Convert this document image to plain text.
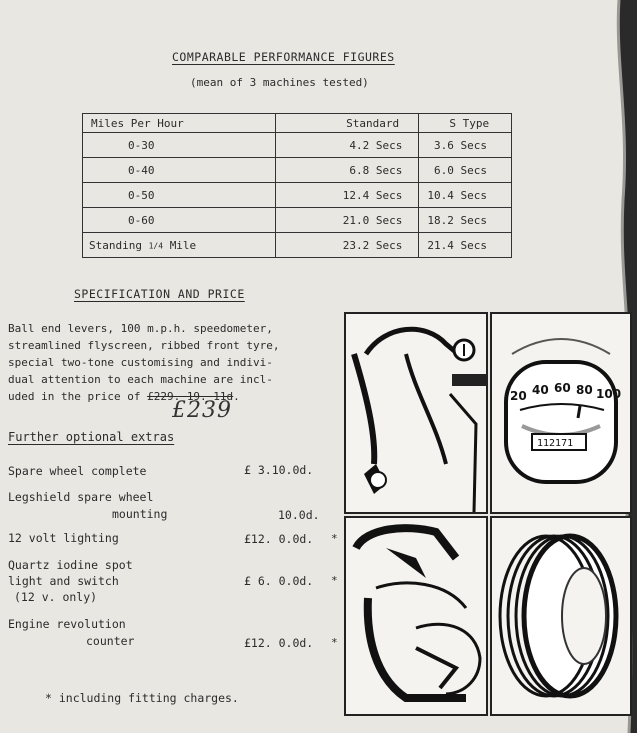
COMPARABLE PERFORMANCE FIGURES
(mean of 3 machines tested)
Miles Per Hour	Standard	S Type
0-30	4.2 Secs	3.6 Secs
0-40	6.8 Secs	6.0 Secs
0-50	12.4 Secs	10.4 Secs
0-60	21.0 Secs	18.2 Secs
Standing 1/4 Mile	23.2 Secs	21.4 Secs
SPECIFICATION AND PRICE
Ball end levers, 100 m.p.h. speedometer,
streamlined flyscreen, ribbed front tyre,
special two-tone customising and indivi-
dual attention to each machine are incl-
uded in the price of £229. 19. 11d.
£239
Further optional extras
Spare wheel complete	£ 3.10.0d.
Legshield spare wheel
mounting	10.0d.
12 volt lighting	£12. 0.0d. *
Quartz iodine spot
light and switch
(12 v. only)
£ 6. 0.0d. *
Engine revolution
counter	£12. 0.0d. *
* including fitting charges.
20 40 60 80 100
112171
